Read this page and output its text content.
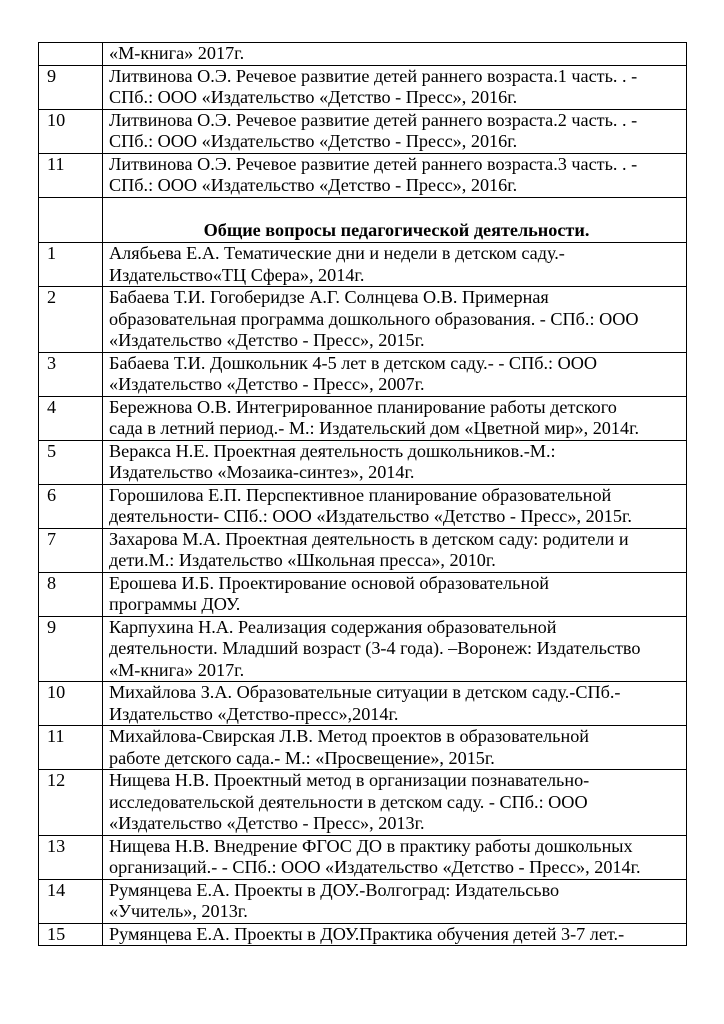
	«М-книга» 2017г.

9	Литвинова О.Э. Речевое развитие детей раннего возраста.1 часть. . -
СПб.: ООО «Издательство «Детство - Пресс», 2016г.

10	Литвинова О.Э. Речевое развитие детей раннего возраста.2 часть. . -
СПб.: ООО «Издательство «Детство - Пресс», 2016г.

11	Литвинова О.Э. Речевое развитие детей раннего возраста.3 часть. . -
СПб.: ООО «Издательство «Детство - Пресс», 2016г.

	Общие вопросы педагогической деятельности.

1	Алябьева Е.А. Тематические дни и недели в детском саду.-
Издательство«ТЦ Сфера», 2014г.

2	Бабаева Т.И. Гогоберидзе А.Г. Солнцева О.В. Примерная
образовательная программа дошкольного образования. - СПб.: ООО
«Издательство «Детство - Пресс», 2015г.

3	Бабаева Т.И. Дошкольник 4-5 лет в детском саду.- - СПб.: ООО
«Издательство «Детство - Пресс», 2007г.

4	Бережнова О.В. Интегрированное планирование работы детского
сада в летний период.- М.: Издательский дом «Цветной мир», 2014г.

5	Веракса Н.Е. Проектная деятельность дошкольников.-М.:
Издательство «Мозаика-синтез», 2014г.

6	Горошилова Е.П. Перспективное планирование образовательной
деятельности- СПб.: ООО «Издательство «Детство - Пресс», 2015г.

7	Захарова М.А. Проектная деятельность в детском саду: родители и
дети.М.: Издательство «Школьная пресса», 2010г.

8	Ерошева И.Б. Проектирование основой образовательной
программы ДОУ.

9	Карпухина Н.А. Реализация содержания образовательной
деятельности. Младший возраст (3-4 года). –Воронеж: Издательство
«М-книга» 2017г.

10	Михайлова З.А. Образовательные ситуации в детском саду.-СПб.-
Издательство «Детство-пресс»,2014г.

11	Михайлова-Свирская Л.В. Метод проектов в образовательной
работе детского сада.- М.: «Просвещение», 2015г.

12	Нищева Н.В. Проектный метод в организации познавательно-
исследовательской деятельности в детском саду. - СПб.: ООО
«Издательство «Детство - Пресс», 2013г.

13	Нищева Н.В. Внедрение ФГОС ДО в практику работы дошкольных
организаций.- - СПб.: ООО «Издательство «Детство - Пресс», 2014г.

14	Румянцева Е.А. Проекты в ДОУ.-Волгоград: Издательсьво
«Учитель», 2013г.

15	Румянцева Е.А. Проекты в ДОУ.Практика обучения детей 3-7 лет.-
